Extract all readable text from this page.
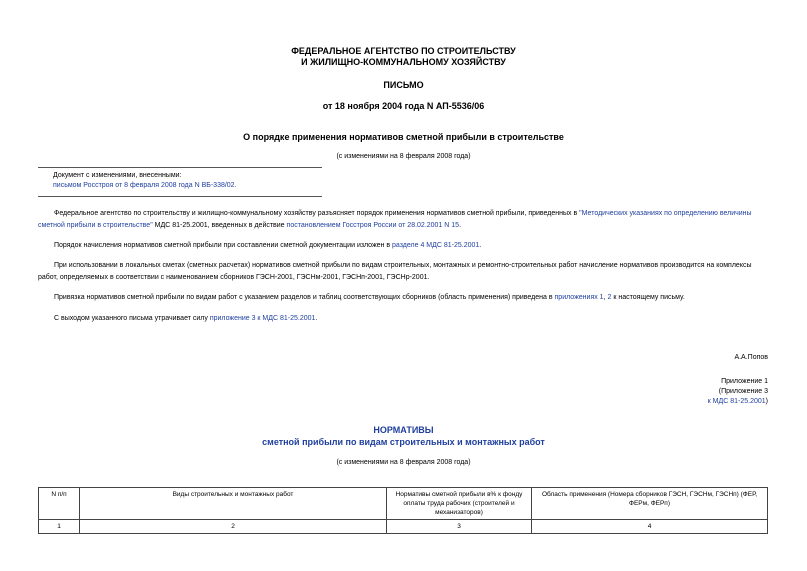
ФЕДЕРАЛЬНОЕ АГЕНТСТВО ПО СТРОИТЕЛЬСТВУ
И ЖИЛИЩНО-КОММУНАЛЬНОМУ ХОЗЯЙСТВУ
ПИСЬМО
от 18 ноября 2004 года N АП-5536/06
О порядке применения нормативов сметной прибыли в строительстве
(с изменениями на 8 февраля 2008 года)
Документ с изменениями, внесенными:
письмом Росстроя от 8 февраля 2008 года N ВБ-338/02.
Федеральное агентство по строительству и жилищно-коммунальному хозяйству разъясняет порядок применения нормативов сметной прибыли, приведенных в "Методических указаниях по определению величины сметной прибыли в строительстве" МДС 81-25.2001, введенных в действие постановлением Госстроя России от 28.02.2001 N 15.
Порядок начисления нормативов сметной прибыли при составлении сметной документации изложен в разделе 4 МДС 81-25.2001.
При использовании в локальных сметах (сметных расчетах) нормативов сметной прибыли по видам строительных, монтажных и ремонтно-строительных работ начисление нормативов производится на комплексы работ, определяемых в соответствии с наименованием сборников ГЭСН-2001, ГЭСНм-2001, ГЭСНп-2001, ГЭСНр-2001.
Привязка нормативов сметной прибыли по видам работ с указанием разделов и таблиц соответствующих сборников (область применения) приведена в приложениях 1, 2 к настоящему письму.
С выходом указанного письма утрачивает силу приложение 3 к МДС 81-25.2001.
А.А.Попов
Приложение 1
(Приложение 3
к МДС 81-25.2001)
НОРМАТИВЫ
сметной прибыли по видам строительных и монтажных работ
(с изменениями на 8 февраля 2008 года)
N п/п	Виды строительных и монтажных работ	Нормативы сметной прибыли в% к фонду оплаты труда рабочих (строителей и механизаторов)	Область применения (Номера сборников ГЭСН, ГЭСНм, ГЭСНп) (ФЕР, ФЕРм, ФЕРп)
1	2	3	4
